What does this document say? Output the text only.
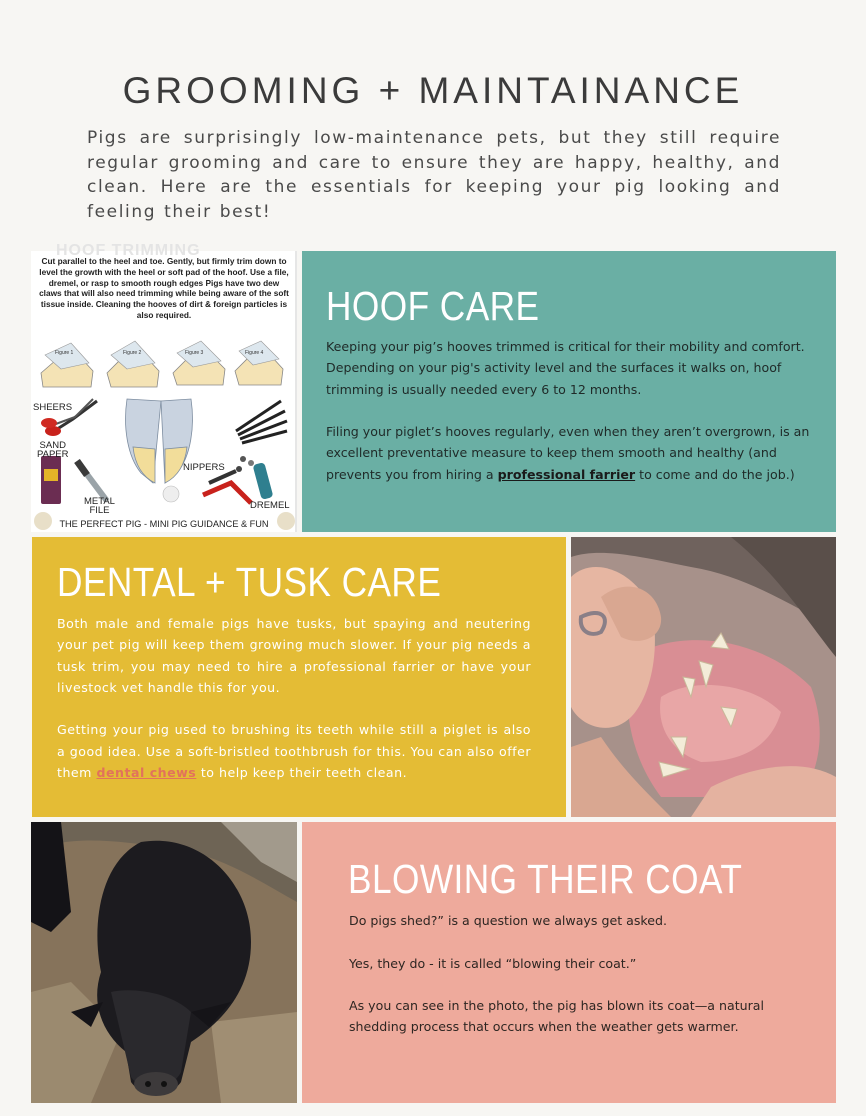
GROOMING + MAINTAINANCE

Pigs are surprisingly low-maintenance pets, but they still require regular grooming and care to ensure they are happy, healthy, and clean. Here are the essentials for keeping your pig looking and feeling their best!

HOOF TRIMMING
Cut parallel to the heel and toe. Gently, but firmly trim down to level the growth with the heel or soft pad of the hoof. Use a file, dremel, or rasp to smooth rough edges Pigs have two dew claws that will also need trimming while being aware of the soft tissue inside. Cleaning the hooves of dirt & foreign particles is also required.
Figure 1	Figure 2	Figure 3	Figure 4
SHEERS
SAND
PAPER
NIPPERS
METAL
FILE	DREMEL
THE PERFECT PIG - MINI PIG GUIDANCE & FUN
HOOF CARE

Keeping your pig’s hooves trimmed is critical for their mobility and comfort. Depending on your pig's activity level and the surfaces it walks on, hoof trimming is usually needed every 6 to 12 months.

Filing your piglet’s hooves regularly, even when they aren’t overgrown, is an excellent preventative measure to keep them smooth and healthy (and prevents you from hiring a professional farrier to come and do the job.)

DENTAL + TUSK CARE

Both male and female pigs have tusks, but spaying and neutering your pet pig will keep them growing much slower. If your pig needs a tusk trim, you may need to hire a professional farrier or have your livestock vet handle this for you.

Getting your pig used to brushing its teeth while still a piglet is also a good idea. Use a soft-bristled toothbrush for this. You can also offer them dental chews to help keep their teeth clean.

BLOWING THEIR COAT

Do pigs shed?” is a question we always get asked.

Yes, they do - it is called “blowing their coat.”

As you can see in the photo, the pig has blown its coat—a natural shedding process that occurs when the weather gets warmer.
